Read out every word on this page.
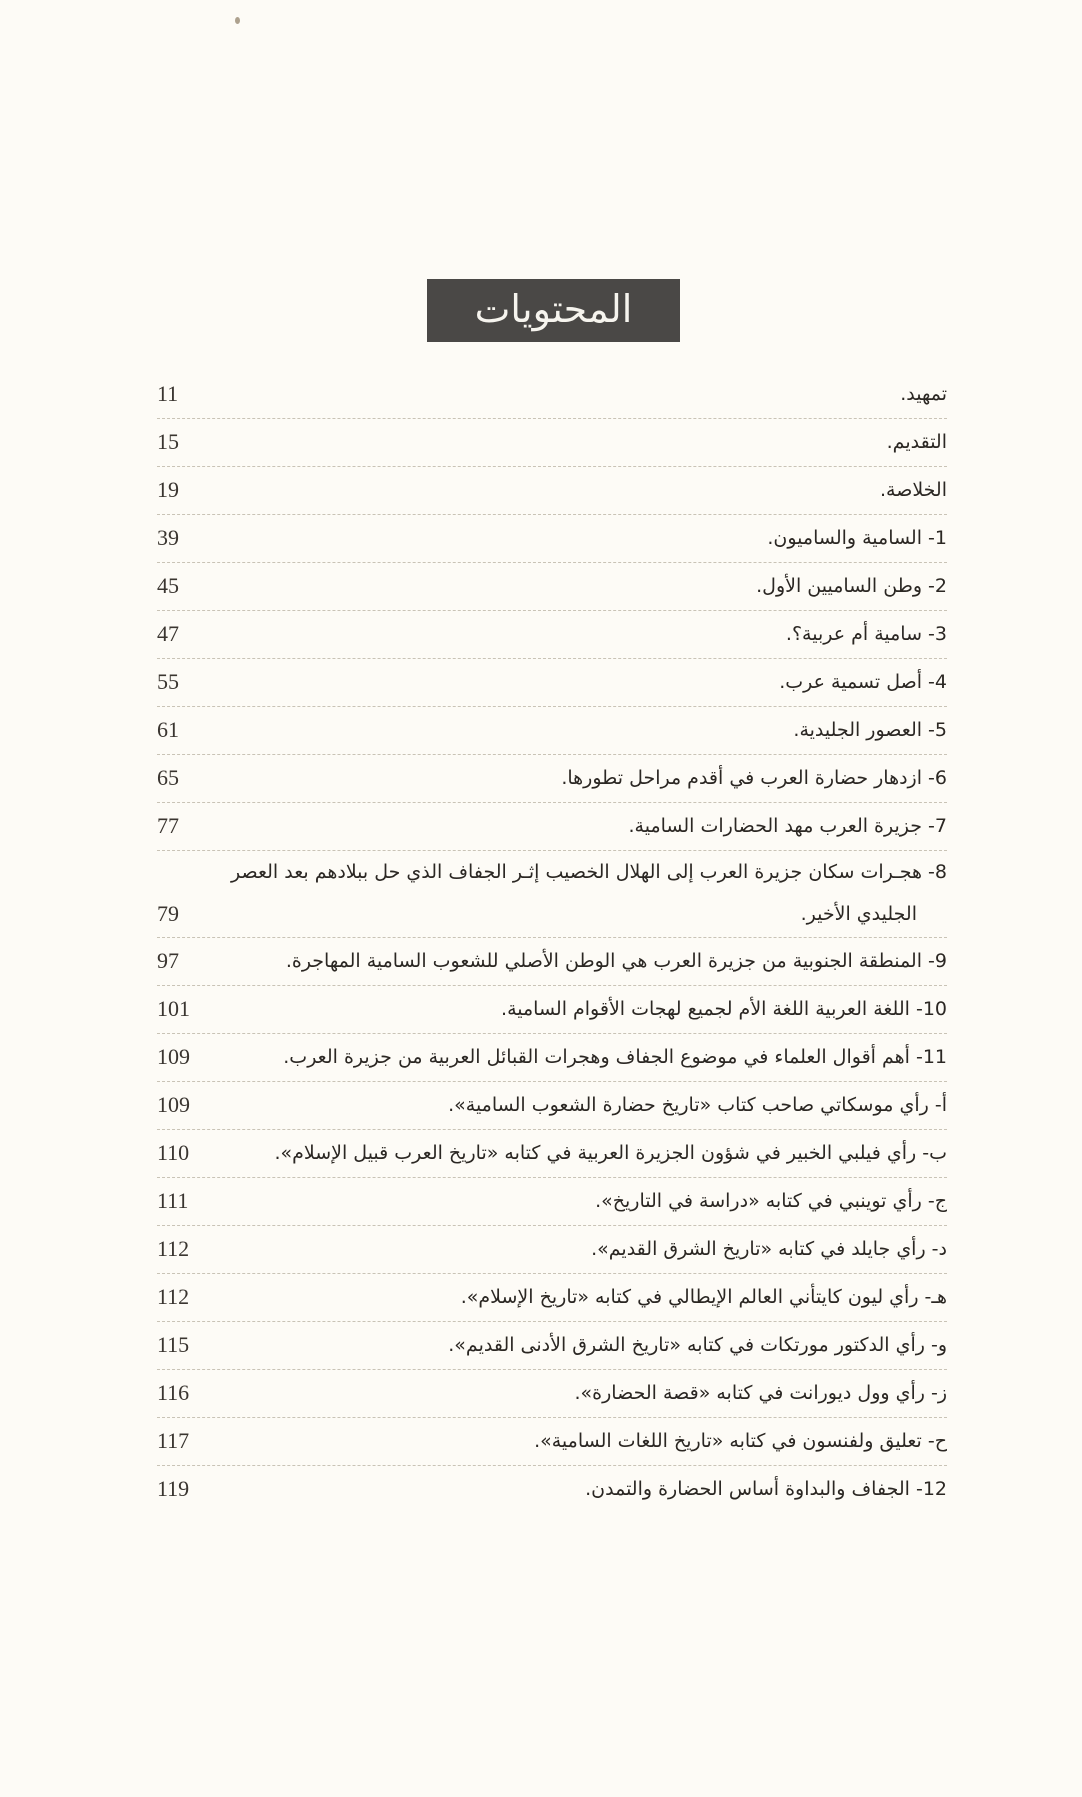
المحتويات
تمهيد.
11
التقديم.
15
الخلاصة.
19
1- السامية والساميون.
39
2- وطن الساميين الأول.
45
3- سامية أم عربية؟.
47
4- أصل تسمية عرب.
55
5- العصور الجليدية.
61
6- ازدهار حضارة العرب في أقدم مراحل تطورها.
65
7- جزيرة العرب مهد الحضارات السامية.
77
8- هجـرات سكان جزيرة العرب إلى الهلال الخصيب إثـر الجفاف الذي حل ببلادهم بعد العصر
الجليدي الأخير.
79
9- المنطقة الجنوبية من جزيرة العرب هي الوطن الأصلي للشعوب السامية المهاجرة.
97
10- اللغة العربية اللغة الأم لجميع لهجات الأقوام السامية.
101
11- أهم أقوال العلماء في موضوع الجفاف وهجرات القبائل العربية من جزيرة العرب.
109
أ- رأي موسكاتي صاحب كتاب «تاريخ حضارة الشعوب السامية».
109
ب- رأي فيلبي الخبير في شؤون الجزيرة العربية في كتابه «تاريخ العرب قبيل الإسلام».
110
ج- رأي توينبي في كتابه «دراسة في التاريخ».
111
د- رأي جايلد في كتابه «تاريخ الشرق القديم».
112
هـ- رأي ليون كايتأني العالم الإيطالي في كتابه «تاريخ الإسلام».
112
و- رأي الدكتور مورتكات في كتابه «تاريخ الشرق الأدنى القديم».
115
ز- رأي وول ديورانت في كتابه «قصة الحضارة».
116
ح- تعليق ولفنسون في كتابه «تاريخ اللغات السامية».
117
12- الجفاف والبداوة أساس الحضارة والتمدن.
119
